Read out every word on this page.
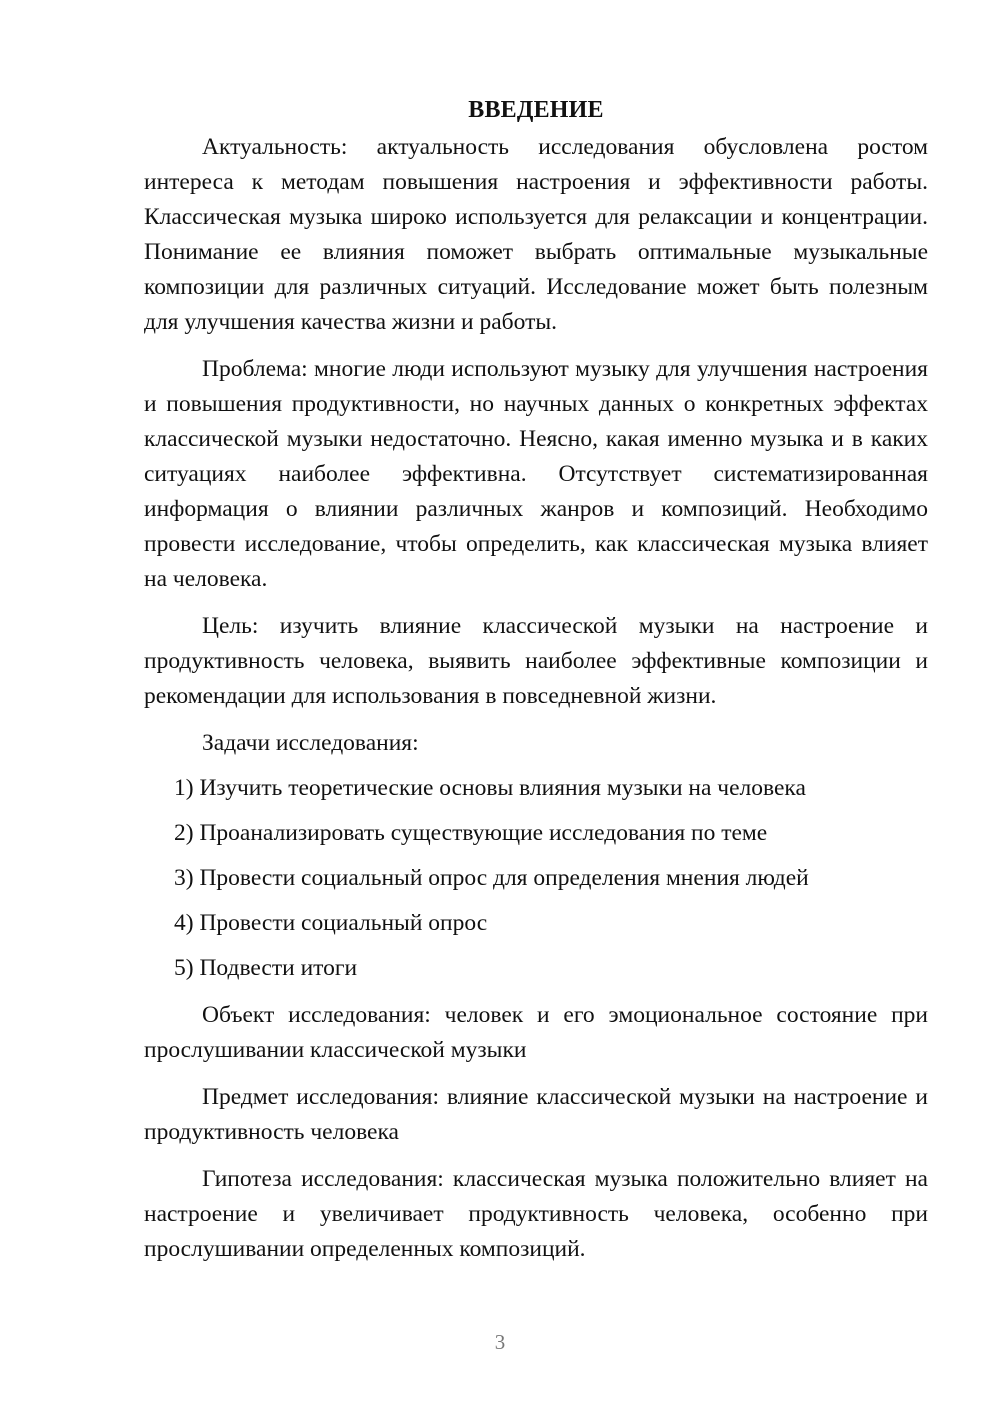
ВВЕДЕНИЕ

Актуальность: актуальность исследования обусловлена ростом интереса к методам повышения настроения и эффективности работы. Классическая музыка широко используется для релаксации и концентрации. Понимание ее влияния поможет выбрать оптимальные музыкальные композиции для различных ситуаций. Исследование может быть полезным для улучшения качества жизни и работы.

Проблема: многие люди используют музыку для улучшения настроения и повышения продуктивности, но научных данных о конкретных эффектах классической музыки недостаточно. Неясно, какая именно музыка и в каких ситуациях наиболее эффективна. Отсутствует систематизированная информация о влиянии различных жанров и композиций. Необходимо провести исследование, чтобы определить, как классическая музыка влияет на человека.

Цель: изучить влияние классической музыки на настроение и продуктивность человека, выявить наиболее эффективные композиции и рекомендации для использования в повседневной жизни.

Задачи исследования:
1) Изучить теоретические основы влияния музыки на человека
2) Проанализировать существующие исследования по теме
3) Провести социальный опрос для определения мнения людей
4) Провести социальный опрос
5) Подвести итоги

Объект исследования: человек и его эмоциональное состояние при прослушивании классической музыки

Предмет исследования: влияние классической музыки на настроение и продуктивность человека

Гипотеза исследования: классическая музыка положительно влияет на настроение и увеличивает продуктивность человека, особенно при прослушивании определенных композиций.

3
